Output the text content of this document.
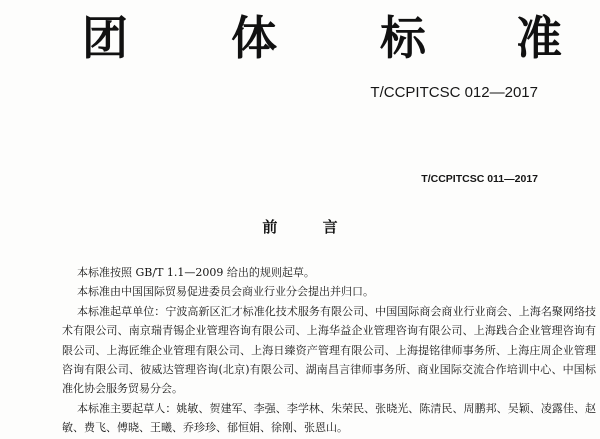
团 体 标 准

T/CCPITCSC 012—2017

T/CCPITCSC 011—2017

前 言

本标准按照 GB/T 1.1—2009 给出的规则起草。

本标准由中国国际贸易促进委员会商业行业分会提出并归口。

本标准起草单位：宁波高新区汇才标准化技术服务有限公司、中国国际商会商业行业商会、上海名聚网络技术有限公司、南京瑞青锡企业管理咨询有限公司、上海华益企业管理咨询有限公司、上海践合企业管理咨询有限公司、上海匠维企业管理有限公司、上海日臻资产管理有限公司、上海提铭律师事务所、上海庄周企业管理咨询有限公司、彼威达管理咨询(北京)有限公司、湖南昌言律师事务所、商业国际交流合作培训中心、中国标准化协会服务贸易分会。

本标准主要起草人：姚敏、贺建军、李强、李学林、朱荣民、张晓光、陈清民、周鹏邦、吴颖、凌露佳、赵敏、费飞、傅晓、王曦、乔珍珍、郁恒娟、徐刚、张恩山。
